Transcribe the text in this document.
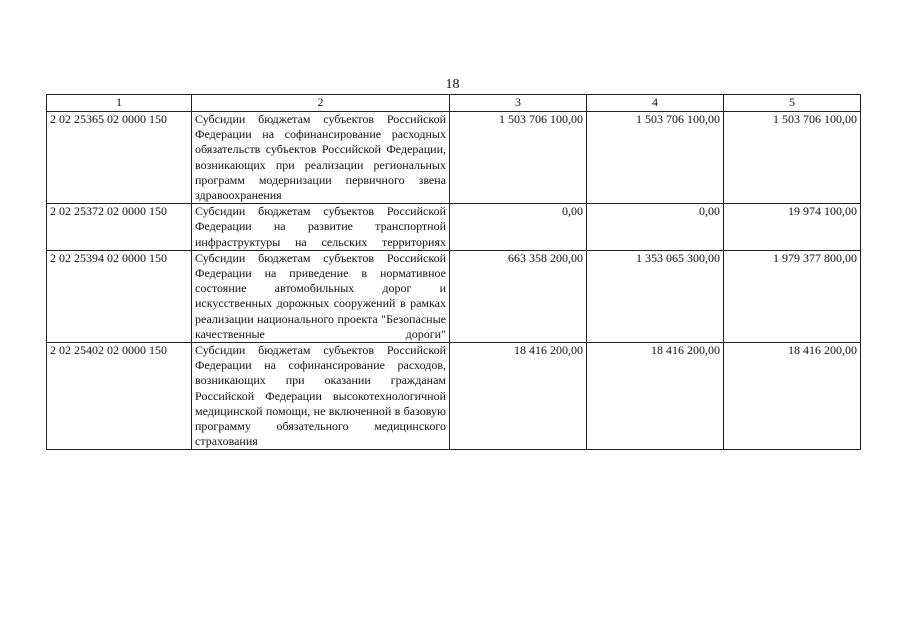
18
1	2	3	4	5
2 02 25365 02 0000 150	Субсидии бюджетам субъектов Российской Федерации на софинансирование расходных обязательств субъектов Российской Федерации, возникающих при реализации региональных программ модернизации первичного звена здравоохранения	1 503 706 100,00	1 503 706 100,00	1 503 706 100,00
2 02 25372 02 0000 150	Субсидии бюджетам субъектов Российской Федерации на развитие транспортной инфраструктуры на сельских территориях	0,00	0,00	19 974 100,00
2 02 25394 02 0000 150	Субсидии бюджетам субъектов Российской Федерации на приведение в нормативное состояние автомобильных дорог и искусственных дорожных сооружений в рамках реализации национального проекта "Безопасные качественные дороги"	663 358 200,00	1 353 065 300,00	1 979 377 800,00
2 02 25402 02 0000 150	Субсидии бюджетам субъектов Российской Федерации на софинансирование расходов, возникающих при оказании гражданам Российской Федерации высокотехнологичной медицинской помощи, не включенной в базовую программу обязательного медицинского страхования	18 416 200,00	18 416 200,00	18 416 200,00
